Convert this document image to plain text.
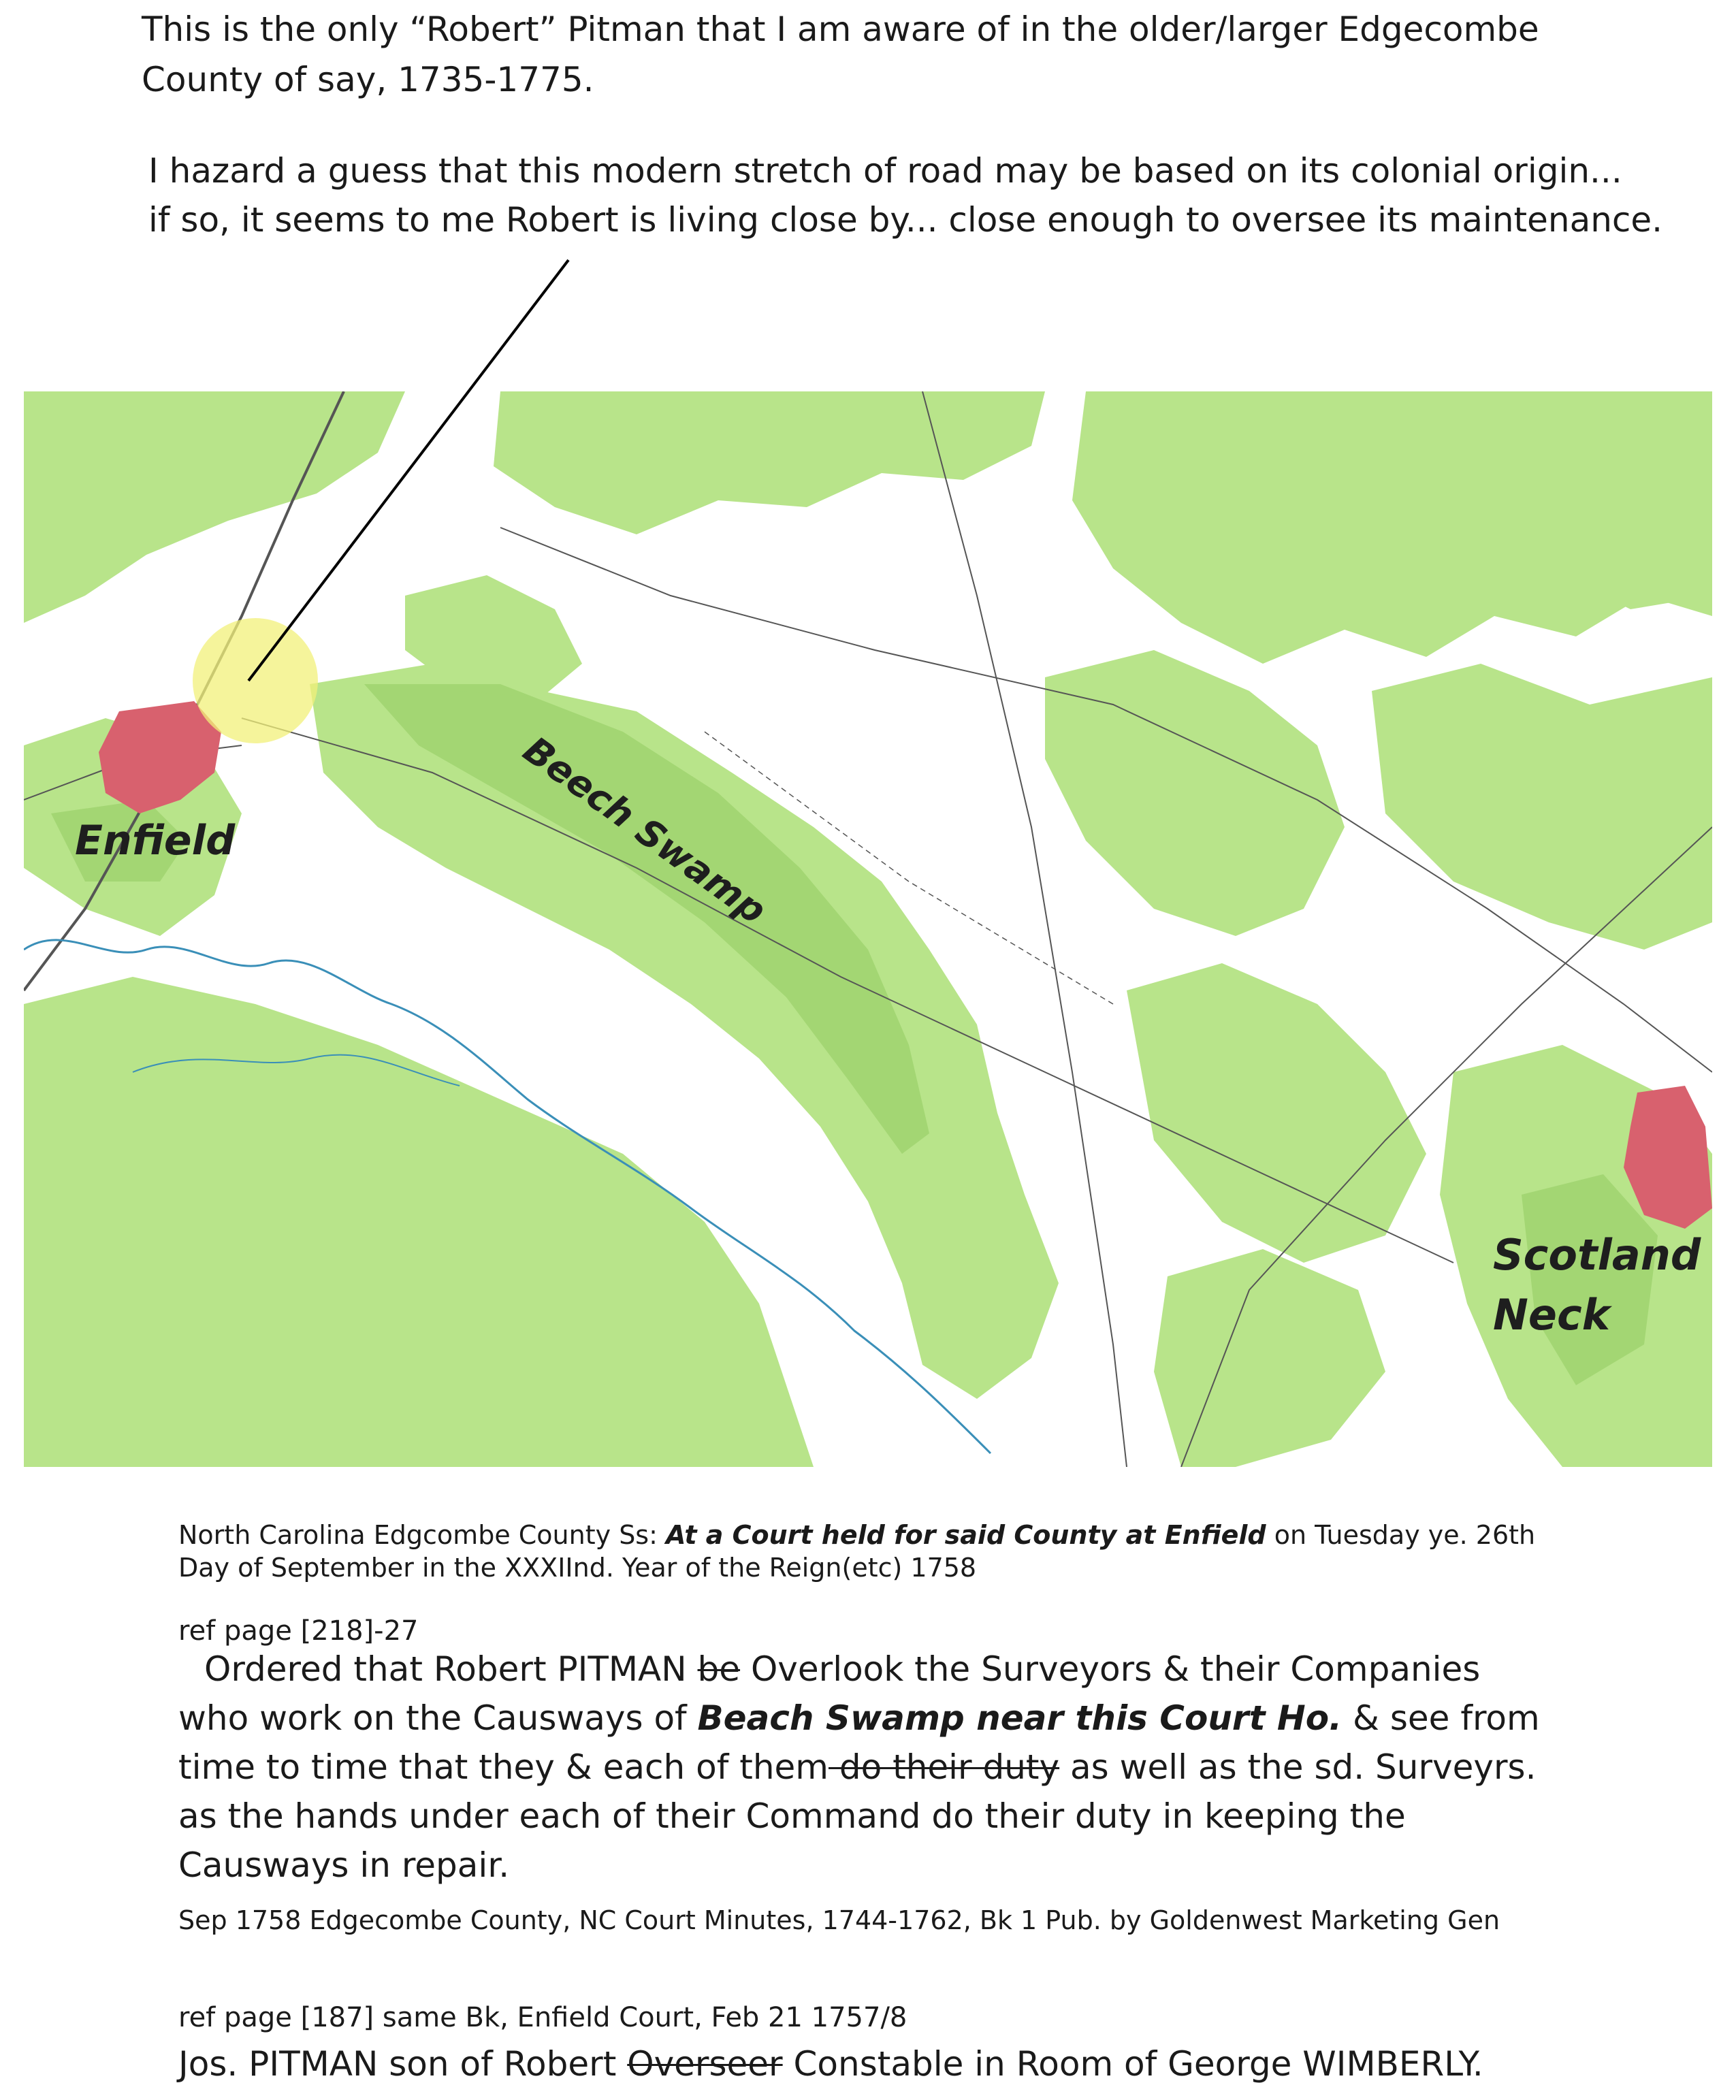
This is the only “Robert” Pitman that I am aware of in the older/larger Edgecombe

County of say, 1735-1775.

I hazard a guess that this modern stretch of road may be based on its colonial origin...

if so, it seems to me Robert is living close by... close enough to oversee its maintenance.

Enfield	Beech Swamp
Scotland
Neck

North Carolina Edgcombe County Ss: At a Court held for said County at Enfield on Tuesday ye. 26th

Day of September in the XXXIInd. Year of the Reign(etc) 1758

ref page [218]-27

Ordered that Robert PITMAN be Overlook the Surveyors & their Companies

who work on the Causways of Beach Swamp near this Court Ho. & see from

time to time that they & each of them do their duty as well as the sd. Surveyrs.

as the hands under each of their Command do their duty in keeping the

Causways in repair.

Sep 1758 Edgecombe County, NC Court Minutes, 1744-1762, Bk 1 Pub. by Goldenwest Marketing Gen

ref page [187] same Bk, Enfield Court, Feb 21 1757/8

Jos. PITMAN son of Robert Overseer Constable in Room of George WIMBERLY.
